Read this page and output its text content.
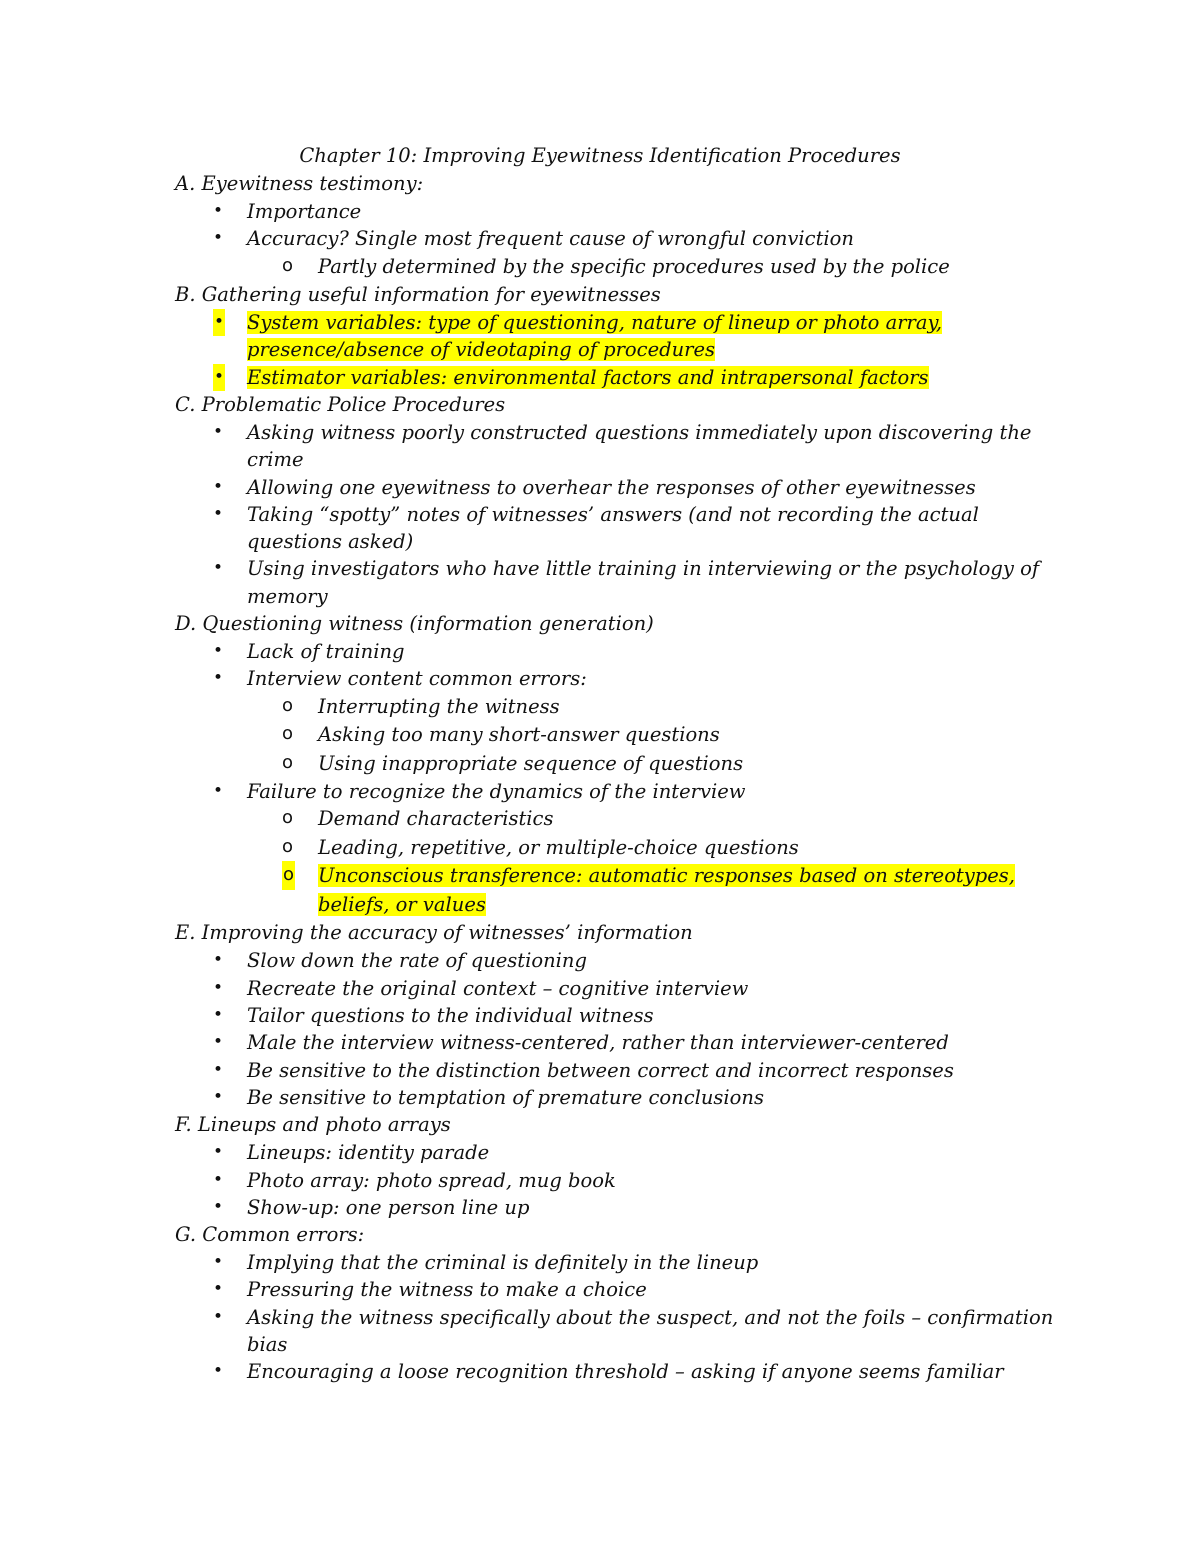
Chapter 10: Improving Eyewitness Identification Procedures
A. Eyewitness testimony:
• Importance
• Accuracy? Single most frequent cause of wrongful conviction
o Partly determined by the specific procedures used by the police
B. Gathering useful information for eyewitnesses
• System variables: type of questioning, nature of lineup or photo array, presence/absence of videotaping of procedures
• Estimator variables: environmental factors and intrapersonal factors
C. Problematic Police Procedures
• Asking witness poorly constructed questions immediately upon discovering the crime
• Allowing one eyewitness to overhear the responses of other eyewitnesses
• Taking “spotty” notes of witnesses’ answers (and not recording the actual questions asked)
• Using investigators who have little training in interviewing or the psychology of memory
D. Questioning witness (information generation)
• Lack of training
• Interview content common errors:
o Interrupting the witness
o Asking too many short-answer questions
o Using inappropriate sequence of questions
• Failure to recognize the dynamics of the interview
o Demand characteristics
o Leading, repetitive, or multiple-choice questions
o Unconscious transference: automatic responses based on stereotypes, beliefs, or values
E. Improving the accuracy of witnesses’ information
• Slow down the rate of questioning
• Recreate the original context – cognitive interview
• Tailor questions to the individual witness
• Male the interview witness-centered, rather than interviewer-centered
• Be sensitive to the distinction between correct and incorrect responses
• Be sensitive to temptation of premature conclusions
F. Lineups and photo arrays
• Lineups: identity parade
• Photo array: photo spread, mug book
• Show-up: one person line up
G. Common errors:
• Implying that the criminal is definitely in the lineup
• Pressuring the witness to make a choice
• Asking the witness specifically about the suspect, and not the foils – confirmation bias
• Encouraging a loose recognition threshold – asking if anyone seems familiar
